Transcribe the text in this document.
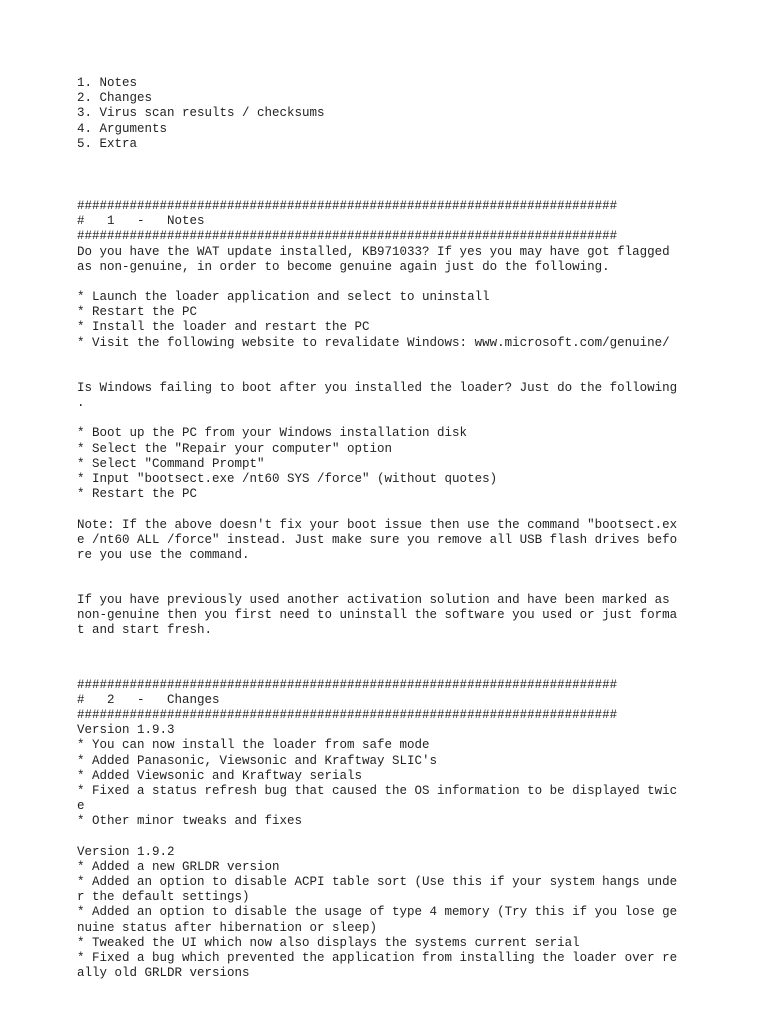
1. Notes
2. Changes
3. Virus scan results / checksums
4. Arguments
5. Extra
########################################################################
#   1   -   Notes
########################################################################
Do you have the WAT update installed, KB971033? If yes you may have got flagged
as non-genuine, in order to become genuine again just do the following.
* Launch the loader application and select to uninstall
* Restart the PC
* Install the loader and restart the PC
* Visit the following website to revalidate Windows: www.microsoft.com/genuine/
Is Windows failing to boot after you installed the loader? Just do the following
.
* Boot up the PC from your Windows installation disk
* Select the "Repair your computer" option
* Select "Command Prompt"
* Input "bootsect.exe /nt60 SYS /force" (without quotes)
* Restart the PC
Note: If the above doesn't fix your boot issue then use the command "bootsect.ex
e /nt60 ALL /force" instead. Just make sure you remove all USB flash drives befo
re you use the command.
If you have previously used another activation solution and have been marked as
non-genuine then you first need to uninstall the software you used or just forma
t and start fresh.
########################################################################
#   2   -   Changes
########################################################################
Version 1.9.3
* You can now install the loader from safe mode
* Added Panasonic, Viewsonic and Kraftway SLIC's
* Added Viewsonic and Kraftway serials
* Fixed a status refresh bug that caused the OS information to be displayed twic
e
* Other minor tweaks and fixes
Version 1.9.2
* Added a new GRLDR version
* Added an option to disable ACPI table sort (Use this if your system hangs unde
r the default settings)
* Added an option to disable the usage of type 4 memory (Try this if you lose ge
nuine status after hibernation or sleep)
* Tweaked the UI which now also displays the systems current serial
* Fixed a bug which prevented the application from installing the loader over re
ally old GRLDR versions
